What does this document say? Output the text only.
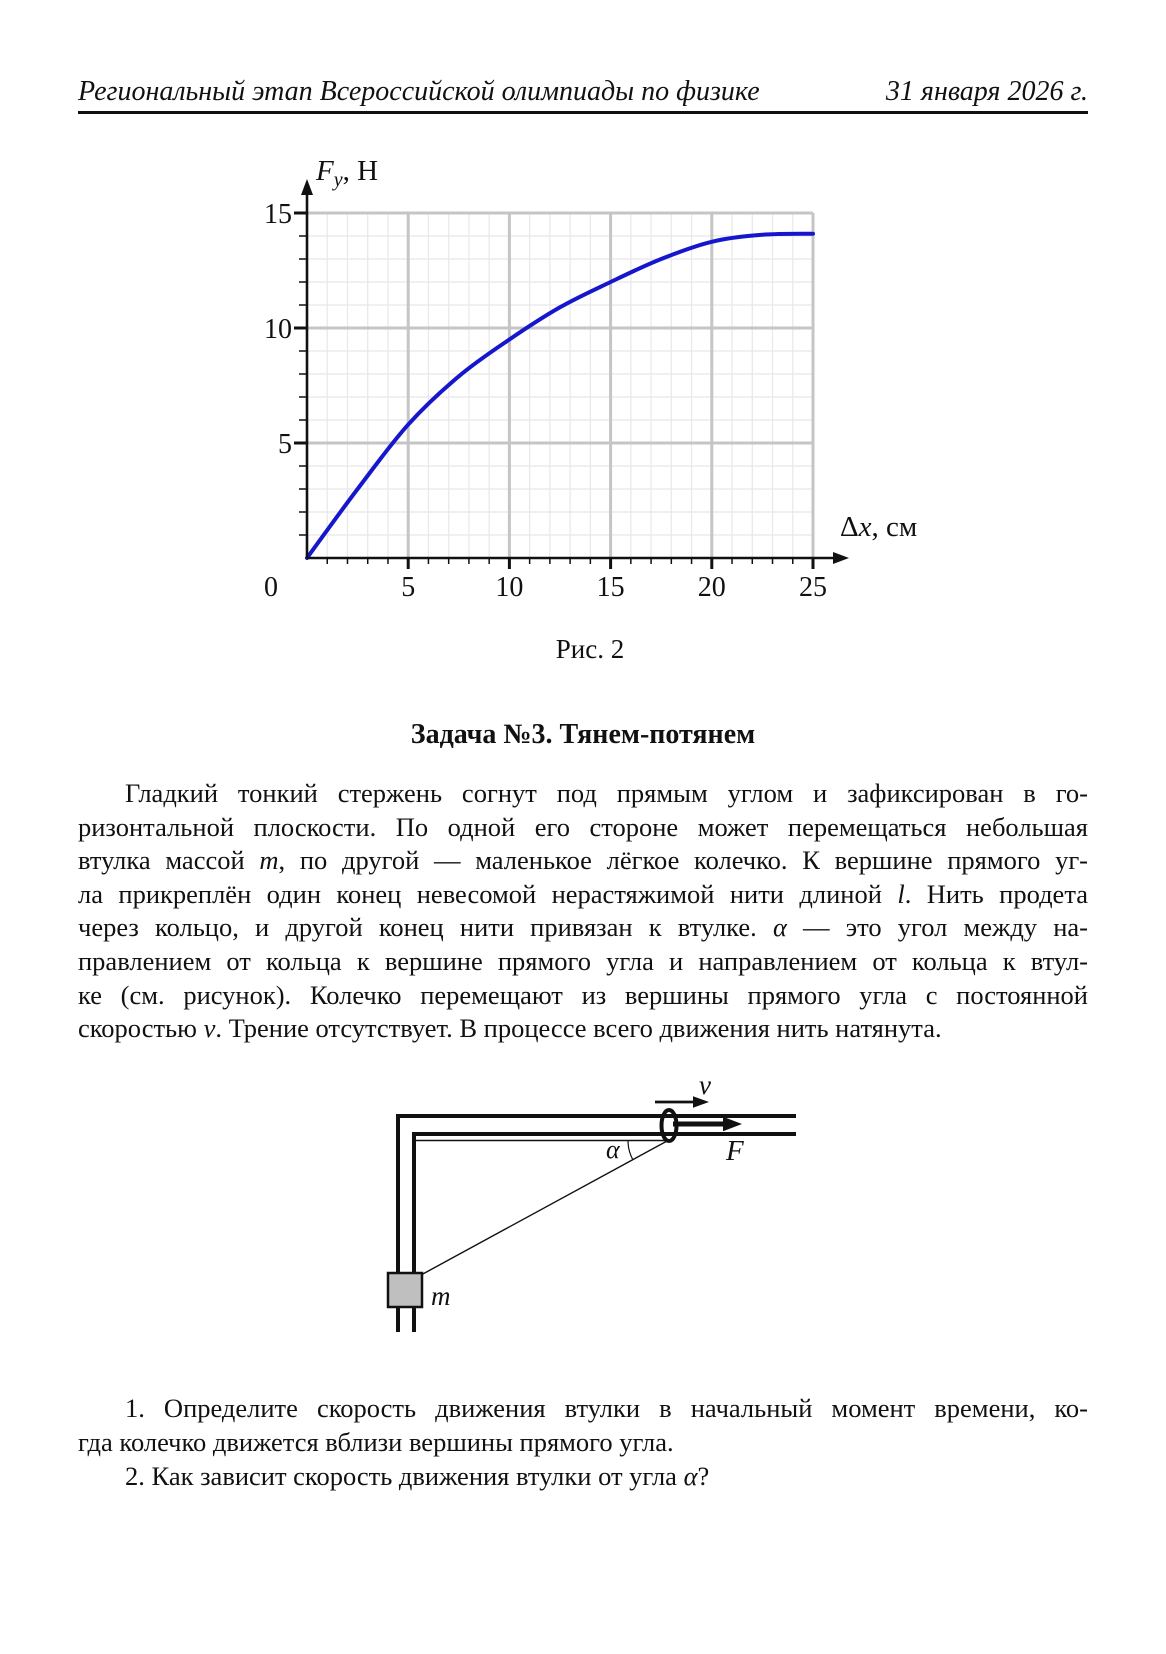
Региональный этап Всероссийской олимпиады по физике	31 января 2026 г.
0	5	10	15	20	25
5
10
15
$F_y$, Н
Δx, см
Рис. 2
Задача №3. Тянем-потянем
Гладкий тонкий стержень согнут под прямым углом и зафиксирован в го-
ризонтальной плоскости. По одной его стороне может перемещаться небольшая
втулка массой m, по другой — маленькое лёгкое колечко. К вершине прямого уг-
ла прикреплён один конец невесомой нерастяжимой нити длиной l. Нить продета
через кольцо, и другой конец нити привязан к втулке. α — это угол между на-
правлением от кольца к вершине прямого угла и направлением от кольца к втул-
ке (см. рисунок). Колечко перемещают из вершины прямого угла с постоянной
скоростью v. Трение отсутствует. В процессе всего движения нить натянута.
v
F
α
m
1. Определите скорость движения втулки в начальный момент времени, ко-
гда колечко движется вблизи вершины прямого угла.
2. Как зависит скорость движения втулки от угла α?
